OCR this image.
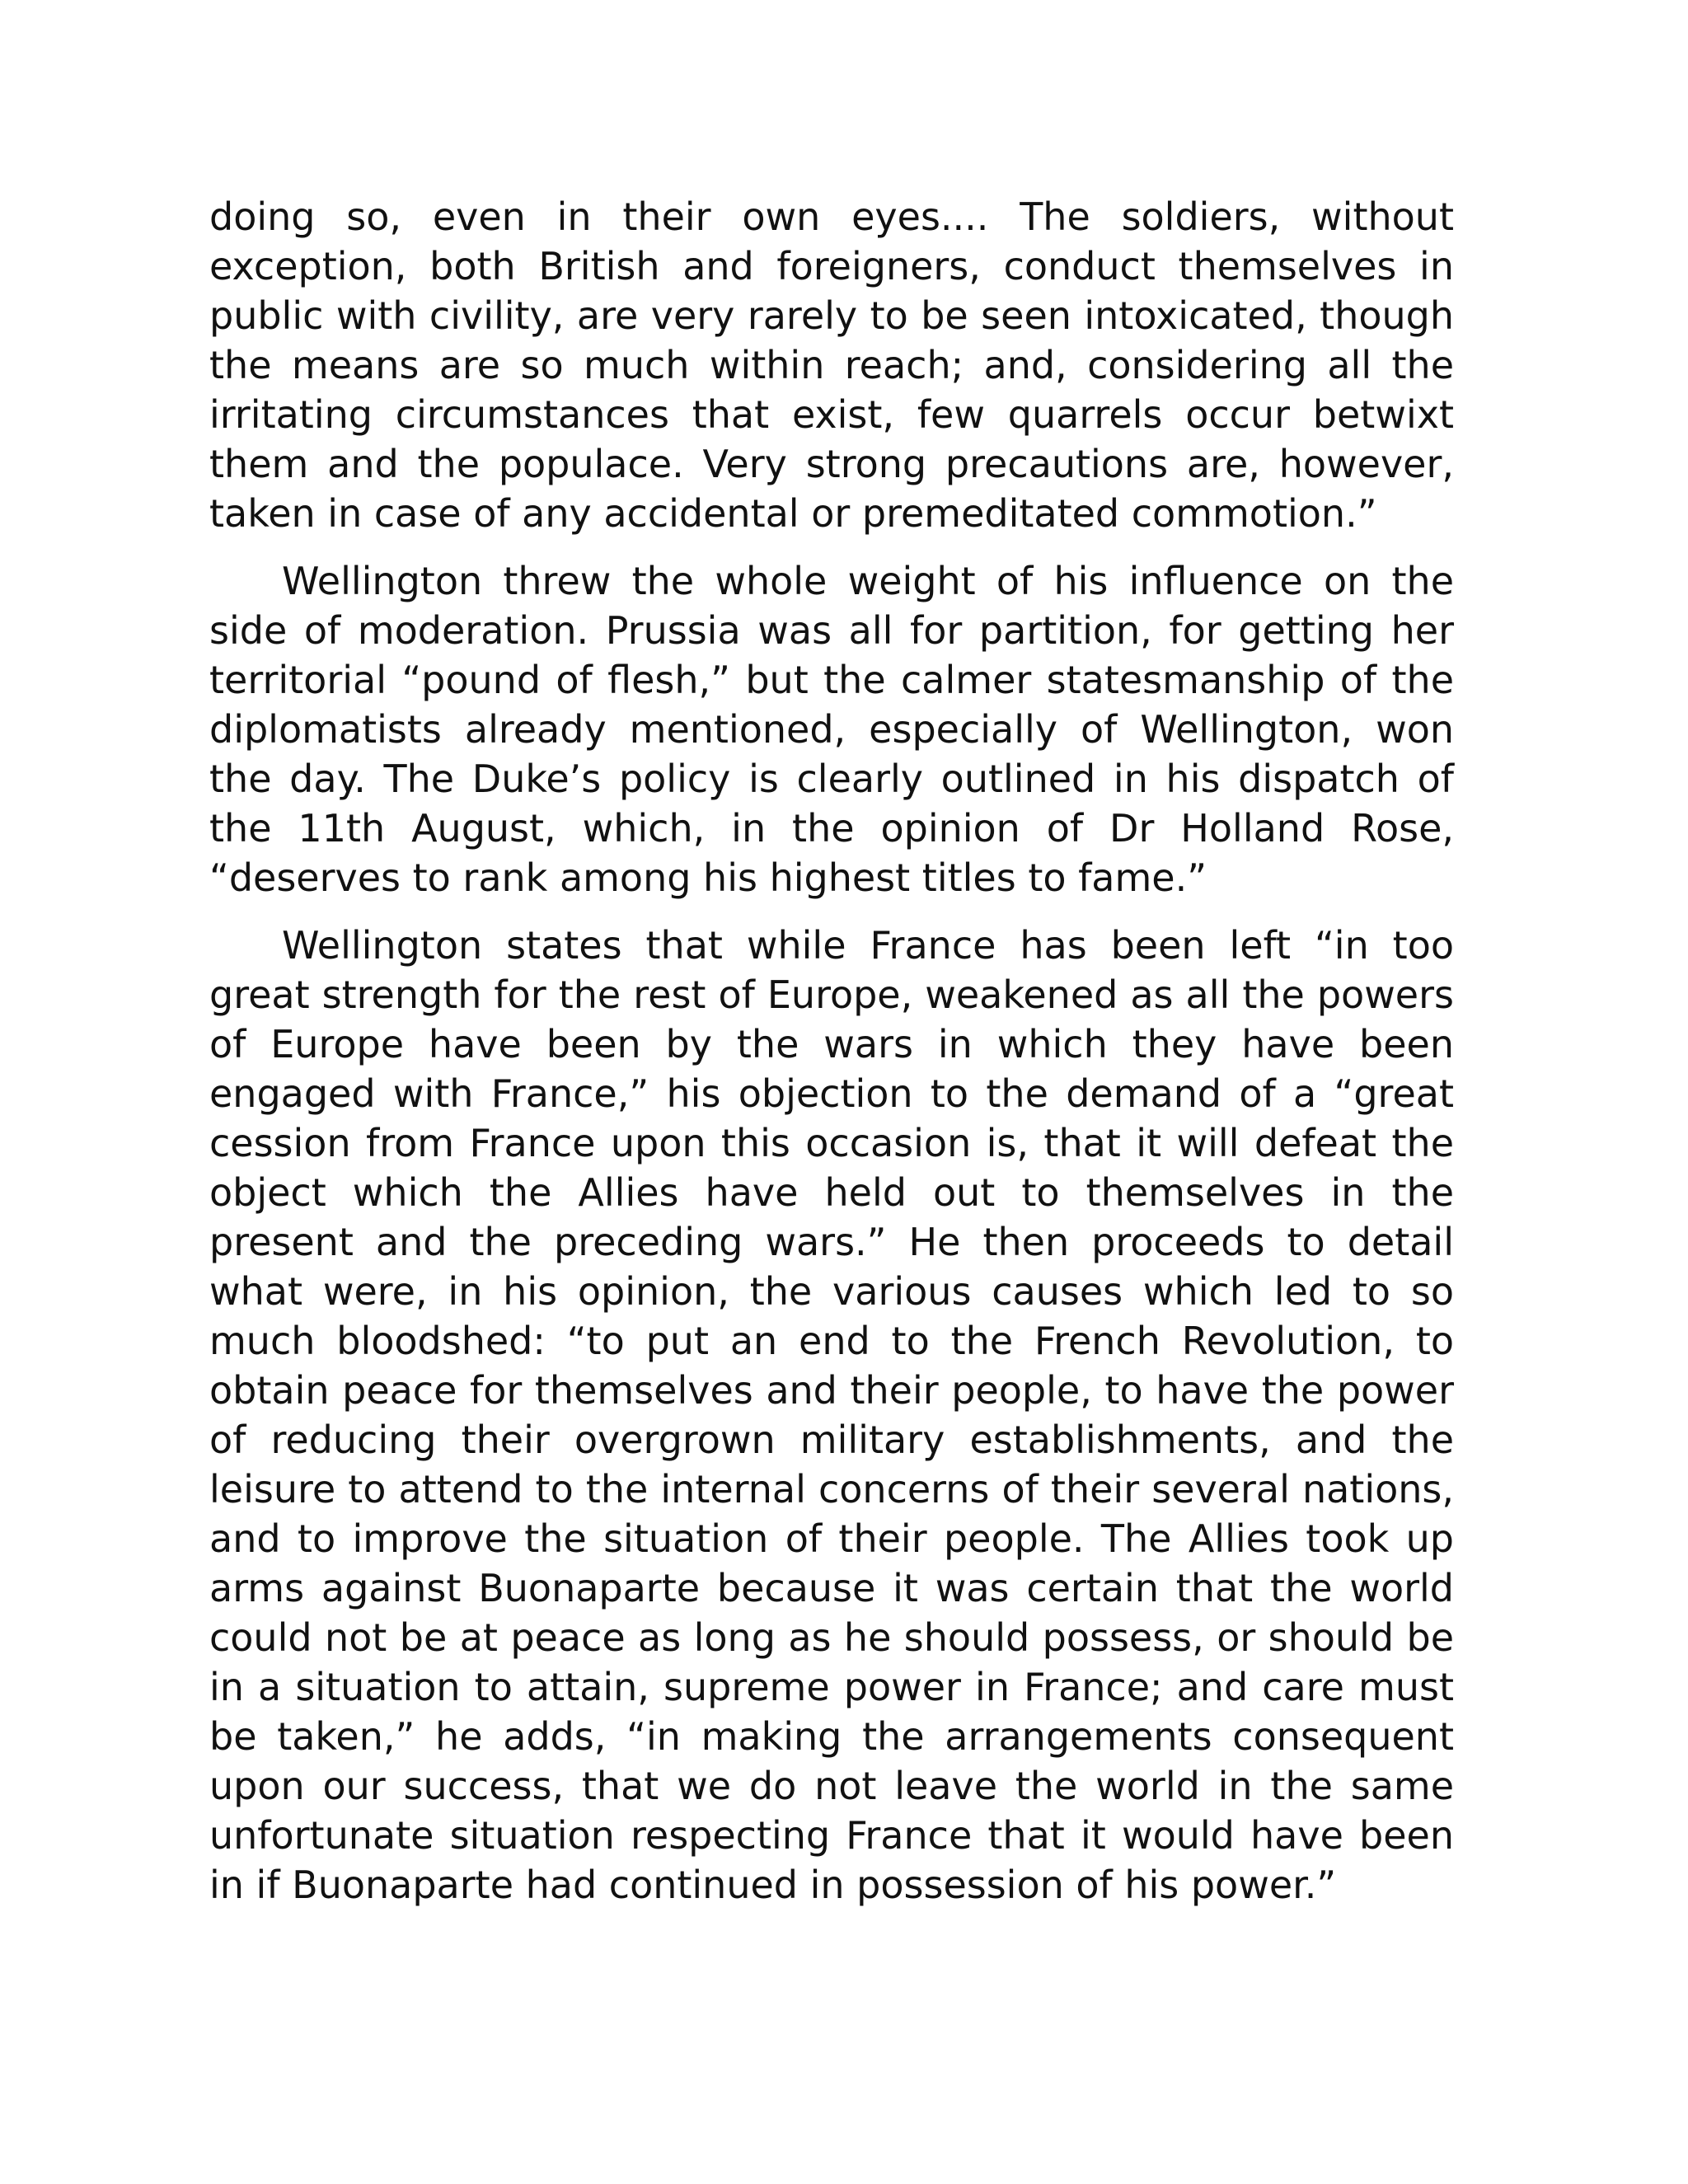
doing so, even in their own eyes.... The soldiers, without exception, both British and foreigners, conduct themselves in public with civility, are very rarely to be seen intoxicated, though the means are so much within reach; and, considering all the irritating circumstances that exist, few quarrels occur betwixt them and the populace. Very strong precautions are, however, taken in case of any accidental or premeditated commotion.”

Wellington threw the whole weight of his influence on the side of moderation. Prussia was all for partition, for getting her territorial “pound of flesh,” but the calmer statesmanship of the diplomatists already mentioned, especially of Wellington, won the day. The Duke’s policy is clearly outlined in his dispatch of the 11th August, which, in the opinion of Dr Holland Rose, “deserves to rank among his highest titles to fame.”

Wellington states that while France has been left “in too great strength for the rest of Europe, weakened as all the powers of Europe have been by the wars in which they have been engaged with France,” his objection to the demand of a “great cession from France upon this occasion is, that it will defeat the object which the Allies have held out to themselves in the present and the preceding wars.” He then proceeds to detail what were, in his opinion, the various causes which led to so much bloodshed: “to put an end to the French Revolution, to obtain peace for themselves and their people, to have the power of reducing their overgrown military establishments, and the leisure to attend to the internal concerns of their several nations, and to improve the situation of their people. The Allies took up arms against Buonaparte because it was certain that the world could not be at peace as long as he should possess, or should be in a situation to attain, supreme power in France; and care must be taken,” he adds, “in making the arrangements consequent upon our success, that we do not leave the world in the same unfortunate situation respecting France that it would have been in if Buonaparte had continued in possession of his power.”
